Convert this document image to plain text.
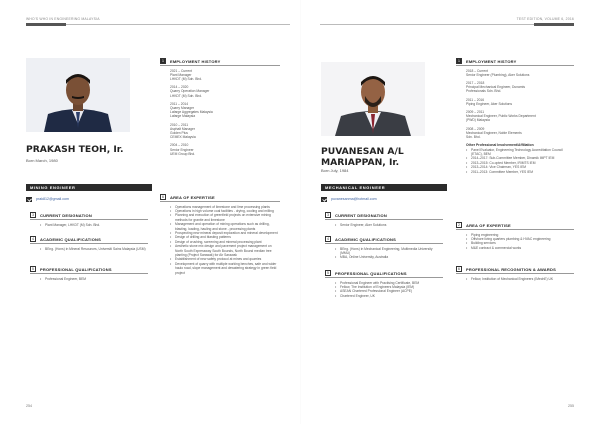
WHO'S WHO IN ENGINEERING MALAYSIA	TEST EDITION, VOLUME 6, 2016
PRAKASH TEOH, Ir.
Born March, 1980
MINING ENGINEER
prak812@gmail.com
3	CURRENT DESIGNATION
• Plant Manager, LHKDT (M) Sdn. Bhd.
4	ACADEMIC QUALIFICATIONS
• BEng. (Hons) in Mineral Resources, Universiti Sains Malaysia (USM)
5	PROFESSIONAL QUALIFICATIONS
• Professional Engineer, BEM
1	EMPLOYMENT HISTORY
2021 – Current
Plant Manager
LHKDT (M) Sdn. Bhd.
2014 – 2020
Quarry Operation Manager
LHKDT (M) Sdn. Bhd.
2011 – 2014
Quarry Manager
Lafarge Aggregates Malaysia
Lafarge Malaysia
2010 – 2011
Asphalt Manager
Golden Plus
CEMEX Malaysia
2004 – 2010
Senior Engineer
UEM Group Bhd.
6	AREA OF EXPERTISE
• Operations management of limestone and lime processing plants
• Operations in high volume coal facilities - drying, cooling and milling
• Planning and execution of greenfield projects on extensive mining methods for granite and limestone
• Management and operation of mining operations such as drilling, blasting, loading, hauling and stone - processing plants
• Prospecting new mineral deposit exploration and mineral development
• Design of drilling and blasting patterns
• Design of crushing, screening and mineral processing plant
• Aesthetic stone mix design and pavement project management on North South Expressway South Bounds, North Bound median tree planting (Project Sarawak) for Air Sarawak
• Establishment of new safety protocol at mines and quarries
• Development of quarry with multiple working benches, safe and wider haulo road, slope management and dewatering strategy in green field project
254
PUVANESAN A/L MARIAPPAN, Ir.
Born July, 1984
MECHANICAL ENGINEER
puvanesanma@hotmail.com
3	CURRENT DESIGNATION
• Senior Engineer, Aker Solutions
4	ACADEMIC QUALIFICATIONS
• BEng. (Hons) in Mechanical Engineering, Multimedia University (MMU)
• MBA, Online University, Australia
5	PROFESSIONAL QUALIFICATIONS
• Professional Engineer with Practising Certificate, BEM
• Fellow, The Institution of Engineers Malaysia (IEM)
• ASEAN Chartered Professional Engineer (ACPE)
• Chartered Engineer, UK
1	EMPLOYMENT HISTORY
2018 – Current
Senior Engineer (Plumbing), Aker Solutions
2017 – 2018
Principal Mechanical Engineer, Dunamis
Professionals Sdn. Bhd.
2011 – 2016
Piping Engineer, Aker Solutions
2009 – 2011
Mechanical Engineer, Public Works Department
(PWD) Malaysia
2008 – 2009
Mechanical Engineer, Noble Elements
Sdn. Bhd.
Other Professional Involvement/Affiliation
• Panel Evaluator, Engineering Technology Accreditation Council (ETAC), BEM
• 2014–2017: Sub-Committee Member, Dinamik IMPT IEM
• 2013–2015: Co-opted Member, IRIMTS IEM
• 2013–2014: Vice Chairman, YES IEM
• 2011–2013: Committee Member, YES IEM
2	AREA OF EXPERTISE
• Piping engineering
• Offshore living quarters plumbing & HVAC engineering
• Building services
• M&E contract & commercial works
6	PROFESSIONAL RECOGNITION & AWARDS
• Fellow, Institution of Mechanical Engineers (IMechE) UK
255
